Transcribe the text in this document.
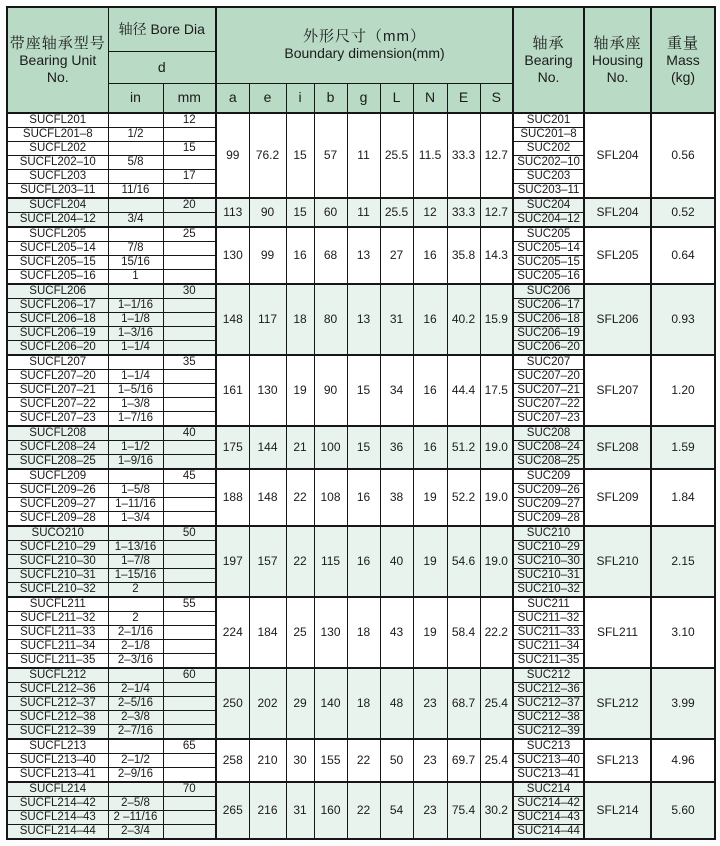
带座轴承型号
Bearing Unit
No.

轴径 Bore Dia	外形尺寸（mm）
Boundary dimension(mm)

轴承
Bearing
No.

轴承座
Housing
No.

重量
Mass
(kg)

	d													
	in	mm	a	e	i	b	g	L	N	E	S			
SUCFL201		12	99	76.2	15	57	11	25.5	11.5	33.3	12.7	SUC201	SFL204	0.56
SUCFL201–8	1/2											SUC201–8		
SUCFL202		15										SUC202		
SUCFL202–10	5/8											SUC202–10		
SUCFL203		17										SUC203		
SUCFL203–11	11/16											SUC203–11		
SUCFL204		20	113	90	15	60	11	25.5	12	33.3	12.7	SUC204	SFL204	0.52
SUCFL204–12	3/4											SUC204–12		
SUCFL205		25	130	99	16	68	13	27	16	35.8	14.3	SUC205	SFL205	0.64
SUCFL205–14	7/8											SUC205–14		
SUCFL205–15	15/16											SUC205–15		
SUCFL205–16	1											SUC205–16		
SUCFL206		30	148	117	18	80	13	31	16	40.2	15.9	SUC206	SFL206	0.93
SUCFL206–17	1–1/16											SUC206–17		
SUCFL206–18	1–1/8											SUC206–18		
SUCFL206–19	1–3/16											SUC206–19		
SUCFL206–20	1–1/4											SUC206–20		
SUCFL207		35	161	130	19	90	15	34	16	44.4	17.5	SUC207	SFL207	1.20
SUCFL207–20	1–1/4											SUC207–20		
SUCFL207–21	1–5/16											SUC207–21		
SUCFL207–22	1–3/8											SUC207–22		
SUCFL207–23	1–7/16											SUC207–23		
SUCFL208		40	175	144	21	100	15	36	16	51.2	19.0	SUC208	SFL208	1.59
SUCFL208–24	1–1/2											SUC208–24		
SUCFL208–25	1–9/16											SUC208–25		
SUCFL209		45	188	148	22	108	16	38	19	52.2	19.0	SUC209	SFL209	1.84
SUCFL209–26	1–5/8											SUC209–26		
SUCFL209–27	1–11/16											SUC209–27		
SUCFL209–28	1–3/4											SUC209–28		
SUCO210		50	197	157	22	115	16	40	19	54.6	19.0	SUC210	SFL210	2.15
SUCFL210–29	1–13/16											SUC210–29		
SUCFL210–30	1–7/8											SUC210–30		
SUCFL210–31	1–15/16											SUC210–31		
SUCFL210–32	2											SUC210–32		
SUCFL211		55	224	184	25	130	18	43	19	58.4	22.2	SUC211	SFL211	3.10
SUCFL211–32	2											SUC211–32		
SUCFL211–33	2–1/16											SUC211–33		
SUCFL211–34	2–1/8											SUC211–34		
SUCFL211–35	2–3/16											SUC211–35		
SUCFL212		60	250	202	29	140	18	48	23	68.7	25.4	SUC212	SFL212	3.99
SUCFL212–36	2–1/4											SUC212–36		
SUCFL212–37	2–5/16											SUC212–37		
SUCFL212–38	2–3/8											SUC212–38		
SUCFL212–39	2–7/16											SUC212–39		
SUCFL213		65	258	210	30	155	22	50	23	69.7	25.4	SUC213	SFL213	4.96
SUCFL213–40	2–1/2											SUC213–40		
SUCFL213–41	2–9/16											SUC213–41		
SUCFL214		70	265	216	31	160	22	54	23	75.4	30.2	SUC214	SFL214	5.60
SUCFL214–42	2–5/8											SUC214–42		
SUCFL214–43	2 –11/16											SUC214–43		
SUCFL214–44	2–3/4											SUC214–44		
